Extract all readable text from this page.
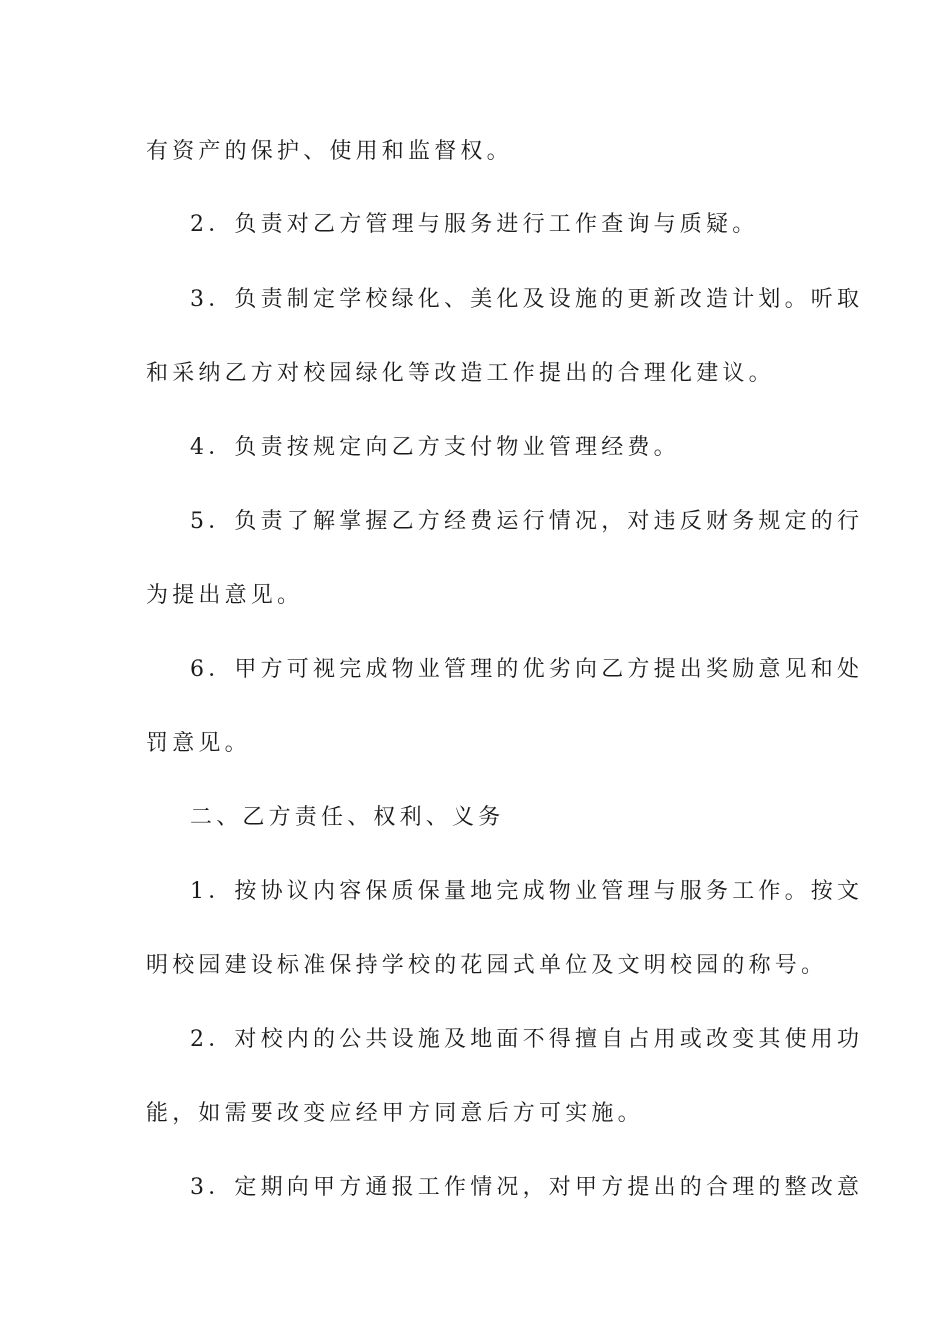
有资产的保护、使用和监督权。
2．负责对乙方管理与服务进行工作查询与质疑。
3．负责制定学校绿化、美化及设施的更新改造计划。听取
和采纳乙方对校园绿化等改造工作提出的合理化建议。
4．负责按规定向乙方支付物业管理经费。
5．负责了解掌握乙方经费运行情况，对违反财务规定的行
为提出意见。
6．甲方可视完成物业管理的优劣向乙方提出奖励意见和处
罚意见。
二、乙方责任、权利、义务
1．按协议内容保质保量地完成物业管理与服务工作。按文
明校园建设标准保持学校的花园式单位及文明校园的称号。
2．对校内的公共设施及地面不得擅自占用或改变其使用功
能，如需要改变应经甲方同意后方可实施。
3．定期向甲方通报工作情况，对甲方提出的合理的整改意
